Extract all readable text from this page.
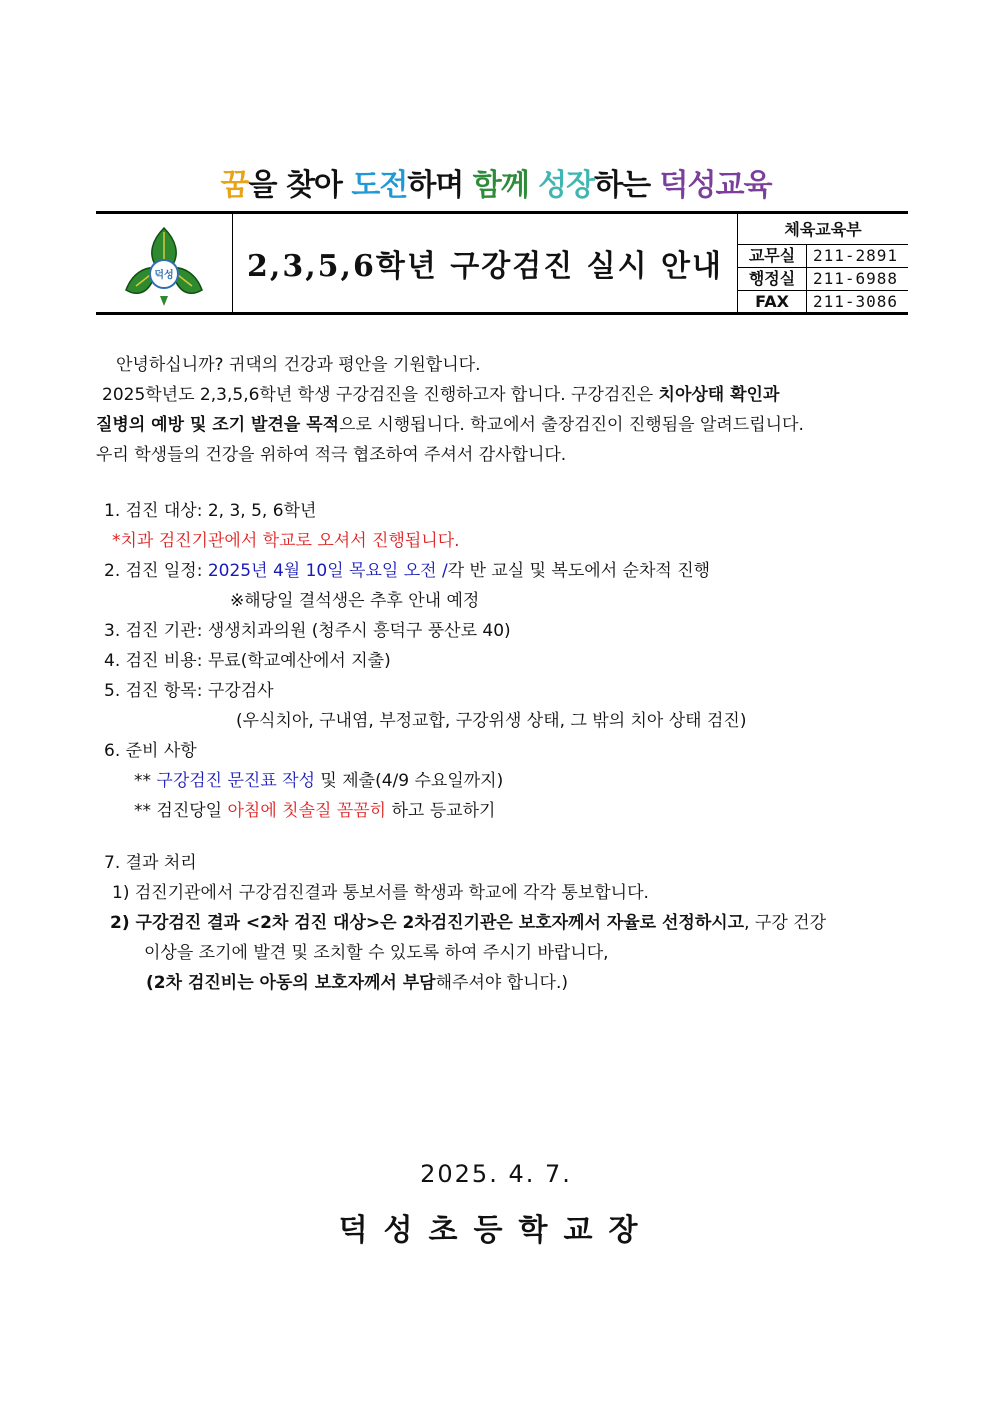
꿈을 찾아 도전하며 함께 성장하는 덕성교육
덕성	2,3,5,6학년 구강검진 실시 안내
체육교육부
교무실	211-2891
행정실	211-6988
FAX	211-3086
안녕하십니까? 귀댁의 건강과 평안을 기원합니다.
2025학년도 2,3,5,6학년 학생 구강검진을 진행하고자 합니다. 구강검진은 치아상태 확인과
질병의 예방 및 조기 발견을 목적으로 시행됩니다. 학교에서 출장검진이 진행됨을 알려드립니다.
우리 학생들의 건강을 위하여 적극 협조하여 주셔서 감사합니다.
1. 검진 대상: 2, 3, 5, 6학년
*치과 검진기관에서 학교로 오셔서 진행됩니다.
2. 검진 일정: 2025년 4월 10일 목요일 오전 /각 반 교실 및 복도에서 순차적 진행
※해당일 결석생은 추후 안내 예정
3. 검진 기관: 생생치과의원 (청주시 흥덕구 풍산로 40)
4. 검진 비용: 무료(학교예산에서 지출)
5. 검진 항목: 구강검사
(우식치아, 구내염, 부정교합, 구강위생 상태, 그 밖의 치아 상태 검진)
6. 준비 사항
** 구강검진 문진표 작성 및 제출(4/9 수요일까지)
** 검진당일 아침에 칫솔질 꼼꼼히 하고 등교하기
7. 결과 처리
1) 검진기관에서 구강검진결과 통보서를 학생과 학교에 각각 통보합니다.
2) 구강검진 결과 <2차 검진 대상>은 2차검진기관은 보호자께서 자율로 선정하시고, 구강 건강
이상을 조기에 발견 및 조치할 수 있도록 하여 주시기 바랍니다,
(2차 검진비는 아동의 보호자께서 부담해주셔야 합니다.)
2025. 4. 7.
덕성초등학교장
